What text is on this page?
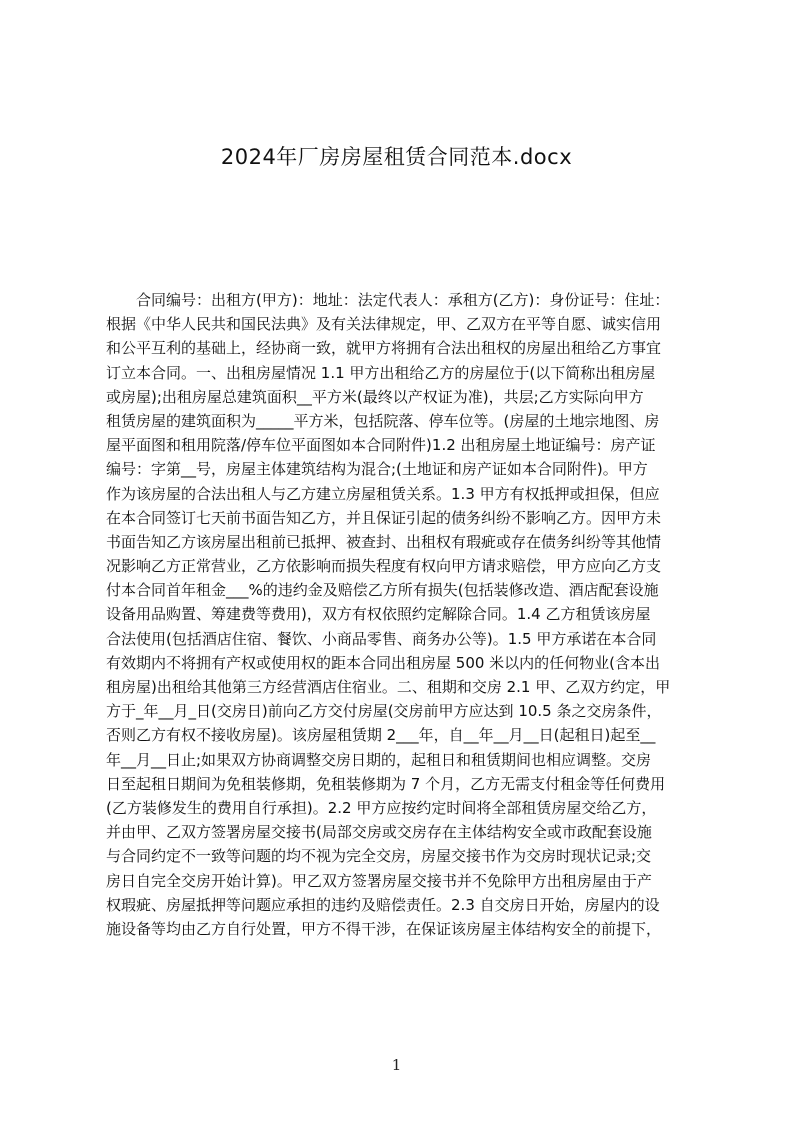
2024年厂房房屋租赁合同范本.docx
　　合同编号：出租方(甲方)：地址：法定代表人：承租方(乙方)：身份证号：住址：
根据《中华人民共和国民法典》及有关法律规定，甲、乙双方在平等自愿、诚实信用
和公平互利的基础上，经协商一致，就甲方将拥有合法出租权的房屋出租给乙方事宜
订立本合同。一、出租房屋情况 1.1 甲方出租给乙方的房屋位于(以下简称出租房屋
或房屋);出租房屋总建筑面积__平方米(最终以产权证为准)，共层;乙方实际向甲方
租赁房屋的建筑面积为_____平方米，包括院落、停车位等。(房屋的土地宗地图、房
屋平面图和租用院落/停车位平面图如本合同附件)1.2 出租房屋土地证编号：房产证
编号：字第__号，房屋主体建筑结构为混合;(土地证和房产证如本合同附件)。甲方
作为该房屋的合法出租人与乙方建立房屋租赁关系。1.3 甲方有权抵押或担保，但应
在本合同签订七天前书面告知乙方，并且保证引起的债务纠纷不影响乙方。因甲方未
书面告知乙方该房屋出租前已抵押、被查封、出租权有瑕疵或存在债务纠纷等其他情
况影响乙方正常营业，乙方依影响而损失程度有权向甲方请求赔偿，甲方应向乙方支
付本合同首年租金___%的违约金及赔偿乙方所有损失(包括装修改造、酒店配套设施
设备用品购置、筹建费等费用)，双方有权依照约定解除合同。1.4 乙方租赁该房屋
合法使用(包括酒店住宿、餐饮、小商品零售、商务办公等)。1.5 甲方承诺在本合同
有效期内不将拥有产权或使用权的距本合同出租房屋 500 米以内的任何物业(含本出
租房屋)出租给其他第三方经营酒店住宿业。二、租期和交房 2.1 甲、乙双方约定，甲
方于_年__月_日(交房日)前向乙方交付房屋(交房前甲方应达到 10.5 条之交房条件，
否则乙方有权不接收房屋)。该房屋租赁期 2___年，自__年__月__日(起租日)起至__
年__月__日止;如果双方协商调整交房日期的，起租日和租赁期间也相应调整。交房
日至起租日期间为免租装修期，免租装修期为 7 个月，乙方无需支付租金等任何费用
(乙方装修发生的费用自行承担)。2.2 甲方应按约定时间将全部租赁房屋交给乙方，
并由甲、乙双方签署房屋交接书(局部交房或交房存在主体结构安全或市政配套设施
与合同约定不一致等问题的均不视为完全交房，房屋交接书作为交房时现状记录;交
房日自完全交房开始计算)。甲乙双方签署房屋交接书并不免除甲方出租房屋由于产
权瑕疵、房屋抵押等问题应承担的违约及赔偿责任。2.3 自交房日开始，房屋内的设
施设备等均由乙方自行处置，甲方不得干涉，在保证该房屋主体结构安全的前提下，
1
